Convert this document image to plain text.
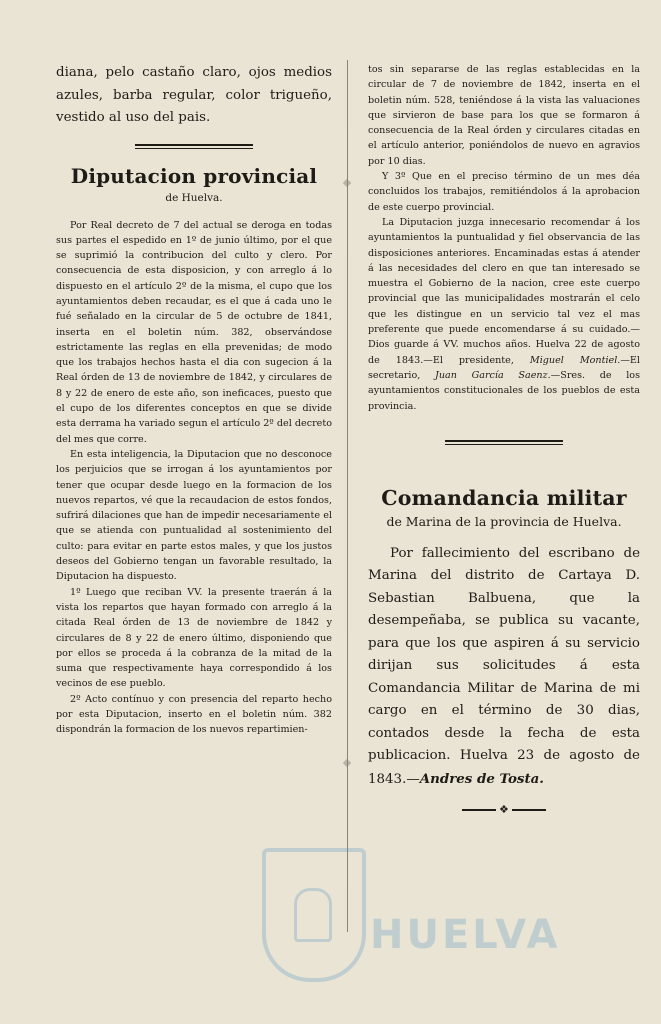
diana, pelo castaño claro, ojos medios azules, barba regular, color trigueño, vestido al uso del pais.

Diputacion provincial
de Huelva.

Por Real decreto de 7 del actual se deroga en todas sus partes el espedido en 1º de junio último, por el que se suprimió la contribucion del culto y clero. Por consecuencia de esta disposicion, y con arreglo á lo dispuesto en el artículo 2º de la misma, el cupo que los ayuntamientos deben recaudar, es el que á cada uno le fué señalado en la circular de 5 de octubre de 1841, inserta en el boletin núm. 382, observándose estrictamente las reglas en ella prevenidas; de modo que los trabajos hechos hasta el dia con sugecion á la Real órden de 13 de noviembre de 1842, y circulares de 8 y 22 de enero de este año, son ineficaces, puesto que el cupo de los diferentes conceptos en que se divide esta derrama ha variado segun el artículo 2º del decreto del mes que corre.

En esta inteligencia, la Diputacion que no desconoce los perjuicios que se irrogan á los ayuntamientos por tener que ocupar desde luego en la formacion de los nuevos repartos, vé que la recaudacion de estos fondos, sufrirá dilaciones que han de impedir necesariamente el que se atienda con puntualidad al sostenimiento del culto: para evitar en parte estos males, y que los justos deseos del Gobierno tengan un favorable resultado, la Diputacion ha dispuesto.

1º Luego que reciban VV. la presente traerán á la vista los repartos que hayan formado con arreglo á la citada Real órden de 13 de noviembre de 1842 y circulares de 8 y 22 de enero último, disponiendo que por ellos se proceda á la cobranza de la mitad de la suma que respectivamente haya correspondido á los vecinos de ese pueblo.

2º Acto contínuo y con presencia del reparto hecho por esta Diputacion, inserto en el boletin núm. 382 dispondrán la formacion de los nuevos repartimien-

tos sin separarse de las reglas establecidas en la circular de 7 de noviembre de 1842, inserta en el boletin núm. 528, teniéndose á la vista las valuaciones que sirvieron de base para los que se formaron á consecuencia de la Real órden y circulares citadas en el artículo anterior, poniéndolos de nuevo en agravios por 10 dias.

Y 3º Que en el preciso término de un mes déa concluidos los trabajos, remitiéndolos á la aprobacion de este cuerpo provincial.

La Diputacion juzga innecesario recomendar á los ayuntamientos la puntualidad y fiel observancia de las disposiciones anteriores. Encaminadas estas á atender á las necesidades del clero en que tan interesado se muestra el Gobierno de la nacion, cree este cuerpo provincial que las municipalidades mostrarán el celo que les distingue en un servicio tal vez el mas preferente que puede encomendarse á su cuidado.—Dios guarde á VV. muchos años. Huelva 22 de agosto de 1843.—El presidente, Miguel Montiel.—El secretario, Juan García Saenz.—Sres. de los ayuntamientos constitucionales de los pueblos de esta provincia.

Comandancia militar
de Marina de la provincia de Huelva.

Por fallecimiento del escribano de Marina del distrito de Cartaya D. Sebastian Balbuena, que la desempeñaba, se publica su vacante, para que los que aspiren á su servicio dirijan sus solicitudes á esta Comandancia Militar de Marina de mi cargo en el término de 30 dias, contados desde la fecha de esta publicacion. Huelva 23 de agosto de 1843.—Andres de Tosta.

❖
HUELVA
